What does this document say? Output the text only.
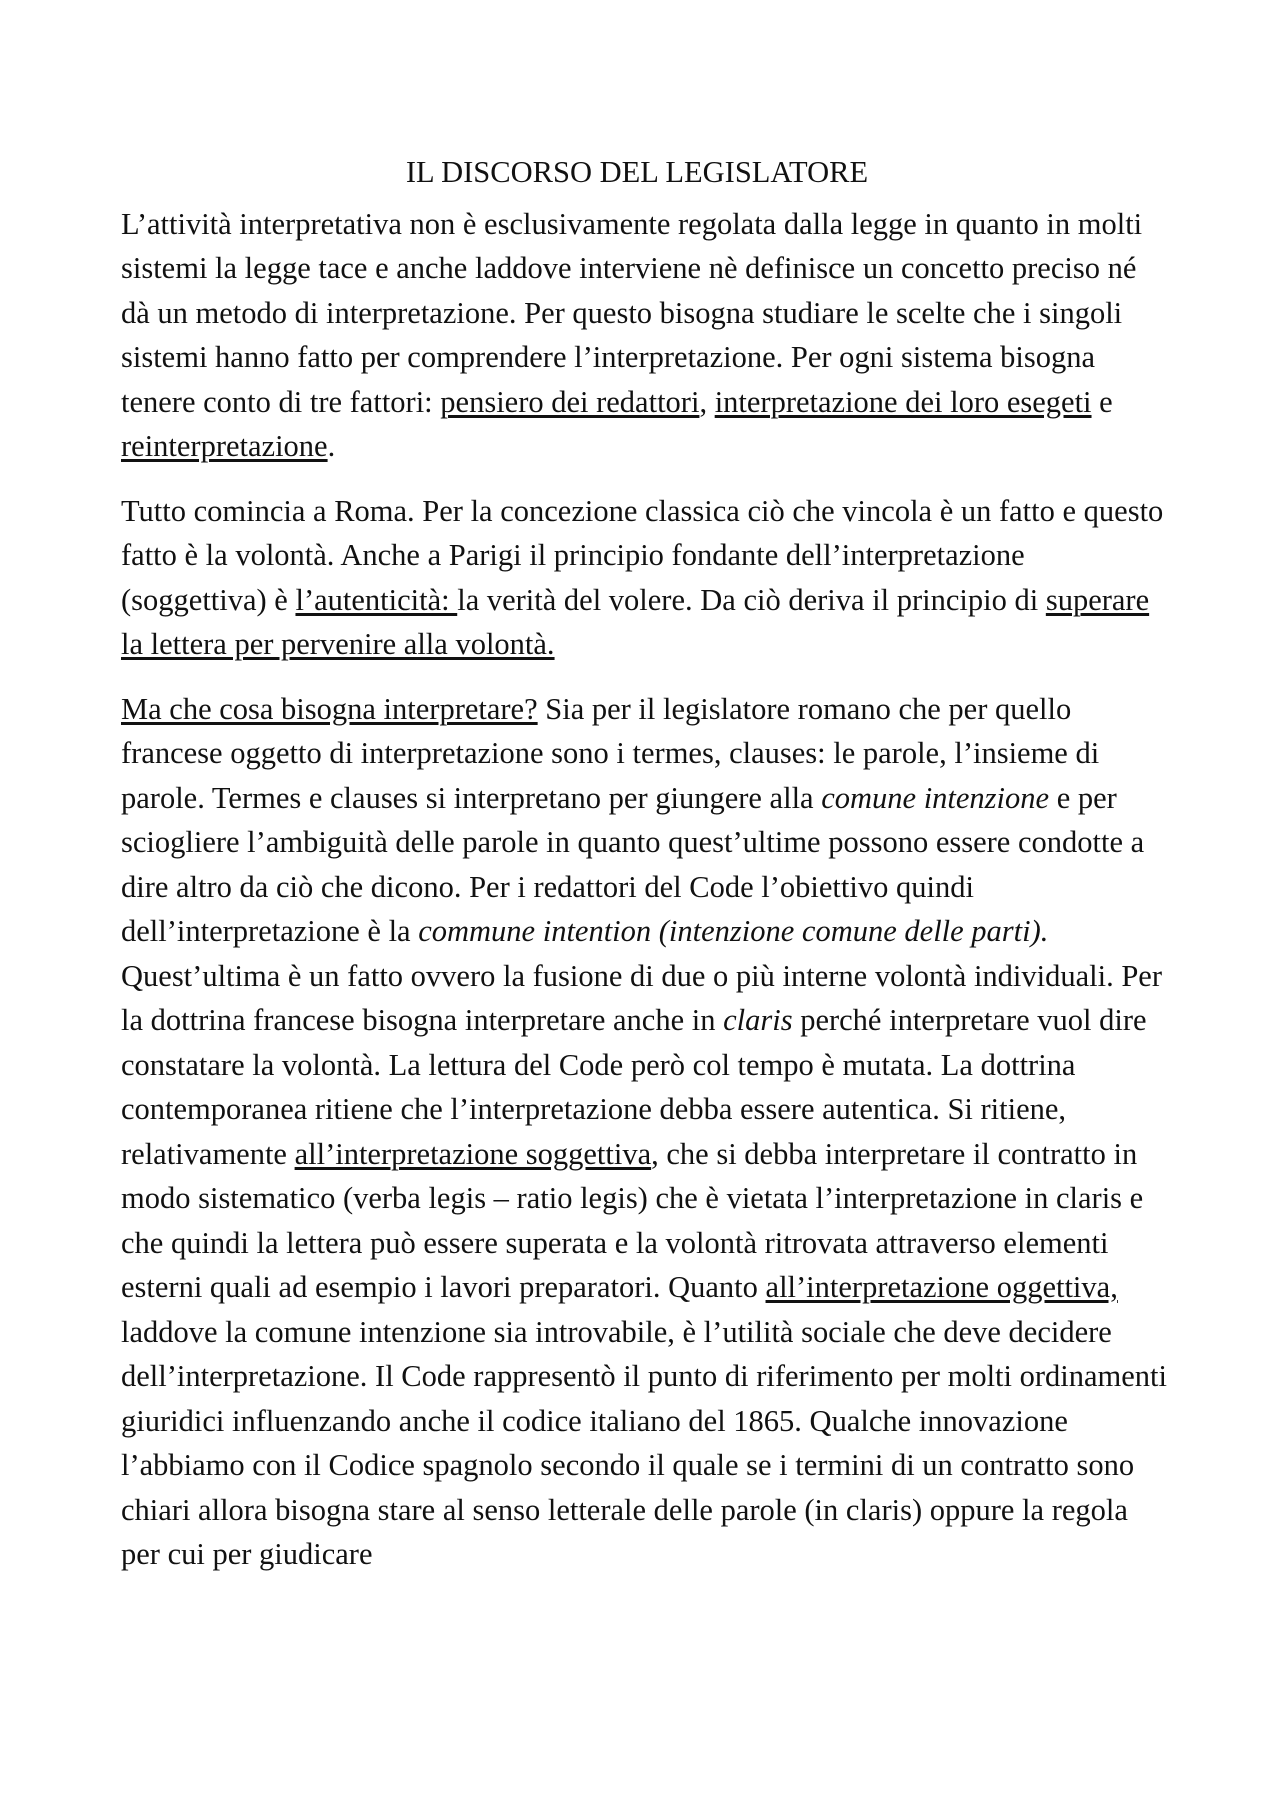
IL DISCORSO DEL LEGISLATORE

L’attività interpretativa non è esclusivamente regolata dalla legge in quanto in molti sistemi la legge tace e anche laddove interviene nè definisce un concetto preciso né dà un metodo di interpretazione. Per questo bisogna studiare le scelte che i singoli sistemi hanno fatto per comprendere l’interpretazione. Per ogni sistema bisogna tenere conto di tre fattori: pensiero dei redattori, interpretazione dei loro esegeti e reinterpretazione.

Tutto comincia a Roma. Per la concezione classica ciò che vincola è un fatto e questo fatto è la volontà. Anche a Parigi il principio fondante dell’interpretazione (soggettiva) è l’autenticità: la verità del volere. Da ciò deriva il principio di superare la lettera per pervenire alla volontà.

Ma che cosa bisogna interpretare? Sia per il legislatore romano che per quello francese oggetto di interpretazione sono i termes, clauses: le parole, l’insieme di parole. Termes e clauses si interpretano per giungere alla comune intenzione e per sciogliere l’ambiguità delle parole in quanto quest’ultime possono essere condotte a dire altro da ciò che dicono. Per i redattori del Code l’obiettivo quindi dell’interpretazione è la commune intention (intenzione comune delle parti). Quest’ultima è un fatto ovvero la fusione di due o più interne volontà individuali. Per la dottrina francese bisogna interpretare anche in claris perché interpretare vuol dire constatare la volontà. La lettura del Code però col tempo è mutata. La dottrina contemporanea ritiene che l’interpretazione debba essere autentica. Si ritiene, relativamente all’interpretazione soggettiva, che si debba interpretare il contratto in modo sistematico (verba legis – ratio legis) che è vietata l’interpretazione in claris e che quindi la lettera può essere superata e la volontà ritrovata attraverso elementi esterni quali ad esempio i lavori preparatori. Quanto all’interpretazione oggettiva, laddove la comune intenzione sia introvabile, è l’utilità sociale che deve decidere dell’interpretazione. Il Code rappresentò il punto di riferimento per molti ordinamenti giuridici influenzando anche il codice italiano del 1865. Qualche innovazione l’abbiamo con il Codice spagnolo secondo il quale se i termini di un contratto sono chiari allora bisogna stare al senso letterale delle parole (in claris) oppure la regola per cui per giudicare
